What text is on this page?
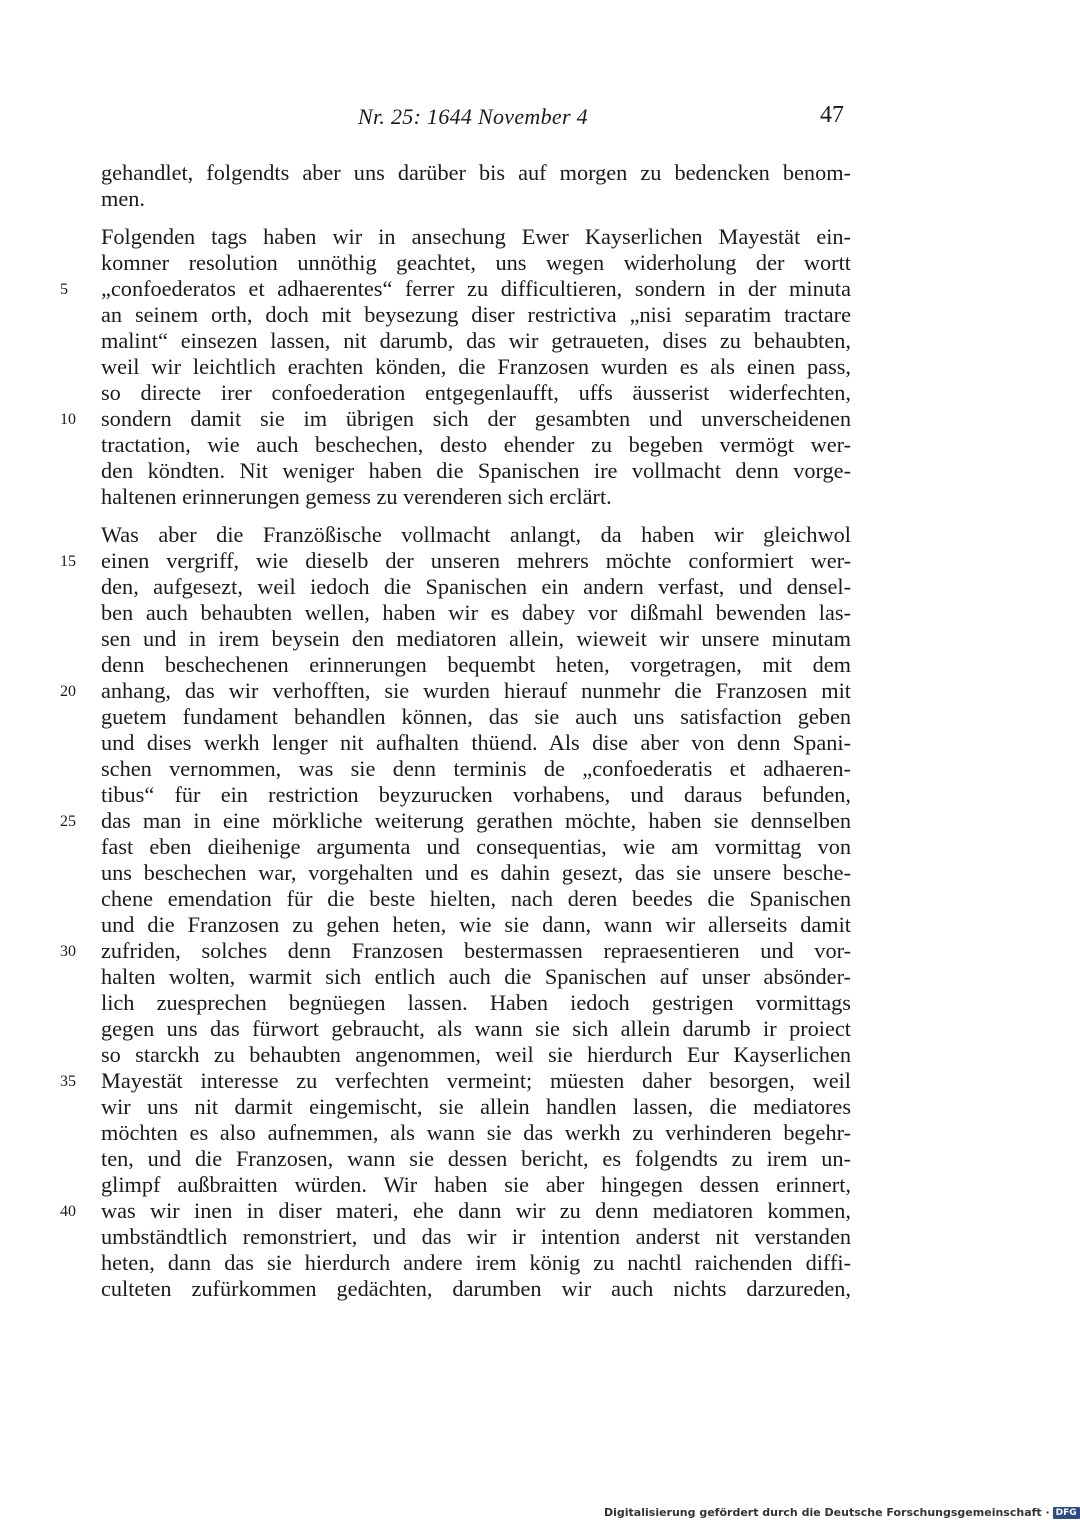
Nr. 25: 1644 November 4	47
gehandlet, folgendts aber uns darüber bis auf morgen zu bedencken benom-
men.
Folgenden tags haben wir in ansechung Ewer Kayserlichen Mayestät ein-
komner resolution unnöthig geachtet, uns wegen widerholung der wortt
„confoederatos et adhaerentes“ ferrer zu difficultieren, sondern in der minuta
5
an seinem orth, doch mit beysezung diser restrictiva „nisi separatim tractare
malint“ einsezen lassen, nit darumb, das wir getraueten, dises zu behaubten,
weil wir leichtlich erachten könden, die Franzosen wurden es als einen pass,
so directe irer confoederation entgegenlaufft, uffs äusserist widerfechten,
sondern damit sie im übrigen sich der gesambten und unverscheidenen
10
tractation, wie auch beschechen, desto ehender zu begeben vermögt wer-
den köndten. Nit weniger haben die Spanischen ire vollmacht denn vorge-
haltenen erinnerungen gemess zu verenderen sich erclärt.
Was aber die Franzößische vollmacht anlangt, da haben wir gleichwol
einen vergriff, wie dieselb der unseren mehrers möchte conformiert wer-
15
den, aufgesezt, weil iedoch die Spanischen ein andern verfast, und densel-
ben auch behaubten wellen, haben wir es dabey vor dißmahl bewenden las-
sen und in irem beysein den mediatoren allein, wieweit wir unsere minutam
denn beschechenen erinnerungen bequembt heten, vorgetragen, mit dem
anhang, das wir verhofften, sie wurden hierauf nunmehr die Franzosen mit
20
guetem fundament behandlen können, das sie auch uns satisfaction geben
und dises werkh lenger nit aufhalten thüend. Als dise aber von denn Spani-
schen vernommen, was sie denn terminis de „confoederatis et adhaeren-
tibus“ für ein restriction beyzurucken vorhabens, und daraus befunden,
das man in eine mörkliche weiterung gerathen möchte, haben sie dennselben
25
fast eben dieihenige argumenta und consequentias, wie am vormittag von
uns beschechen war, vorgehalten und es dahin gesezt, das sie unsere besche-
chene emendation für die beste hielten, nach deren beedes die Spanischen
und die Franzosen zu gehen heten, wie sie dann, wann wir allerseits damit
zufriden, solches denn Franzosen bestermassen repraesentieren und vor-
30
halten wolten, warmit sich entlich auch die Spanischen auf unser absönder-
lich zuesprechen begnüegen lassen. Haben iedoch gestrigen vormittags
gegen uns das fürwort gebraucht, als wann sie sich allein darumb ir proiect
so starckh zu behaubten angenommen, weil sie hierdurch Eur Kayserlichen
Mayestät interesse zu verfechten vermeint; müesten daher besorgen, weil
35
wir uns nit darmit eingemischt, sie allein handlen lassen, die mediatores
möchten es also aufnemmen, als wann sie das werkh zu verhinderen begehr-
ten, und die Franzosen, wann sie dessen bericht, es folgendts zu irem un-
glimpf außbraitten würden. Wir haben sie aber hingegen dessen erinnert,
was wir inen in diser materi, ehe dann wir zu denn mediatoren kommen,
40
umbständtlich remonstriert, und das wir ir intention anderst nit verstanden
heten, dann das sie hierdurch andere irem könig zu nachtl raichenden diffi-
culteten zufürkommen gedächten, darumben wir auch nichts darzureden,
Digitalisierung gefördert durch die Deutsche Forschungsgemeinschaft · DFG
